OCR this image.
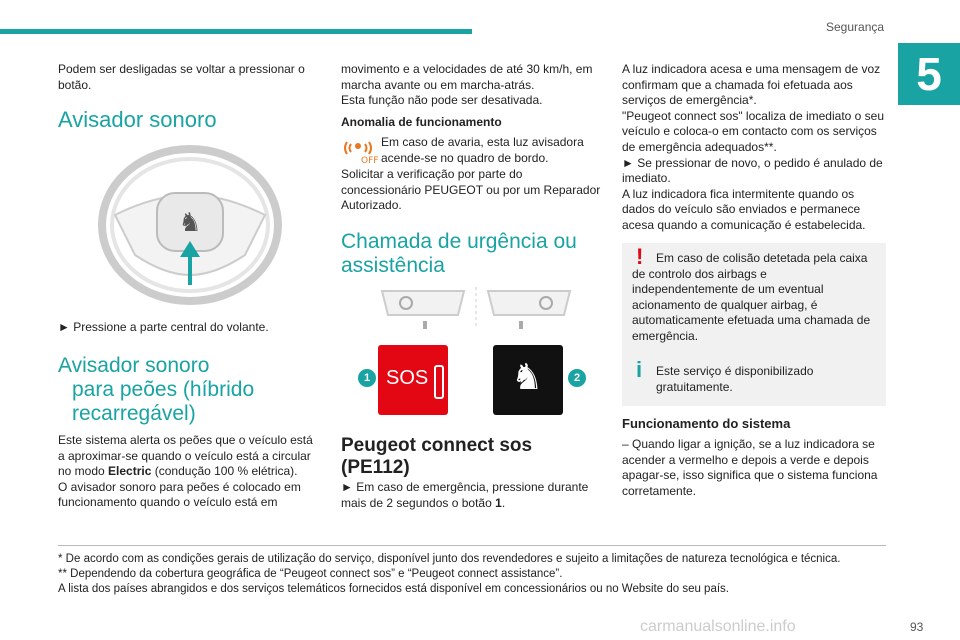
Segurança
5

Podem ser desligadas se voltar a pressionar o botão.

Avisador sonoro
♞
► Pressione a parte central do volante.
Avisador sonoro
para peões (híbrido
recarregável)

Este sistema alerta os peões que o veículo está a aproximar-se quando o veículo está a circular no modo Electric (condução 100 % elétrica).

O avisador sonoro para peões é colocado em funcionamento quando o veículo está em

movimento e a velocidades de até 30 km/h, em marcha avante ou em marcha-atrás.

Esta função não pode ser desativada.

Anomalia de funcionamento

OFF
Em caso de avaria, esta luz avisadora acende-se no quadro de bordo.
Solicitar a verificação por parte do concessionário PEUGEOT ou por um Reparador Autorizado.
Chamada de urgência ou
assistência
SOS
1	♞	2
Peugeot connect sos
(PE112)

► Em caso de emergência, pressione durante mais de 2 segundos o botão 1.

A luz indicadora acesa e uma mensagem de voz confirmam que a chamada foi efetuada aos serviços de emergência*.

"Peugeot connect sos" localiza de imediato o seu veículo e coloca-o em contacto com os serviços de emergência adequados**.

► Se pressionar de novo, o pedido é anulado de imediato.

A luz indicadora fica intermitente quando os dados do veículo são enviados e permanece acesa quando a comunicação é estabelecida.

!	Em caso de colisão detetada pela caixa de controlo dos airbags e independentemente de um eventual acionamento de qualquer airbag, é automaticamente efetuada uma chamada de emergência.
i	Este serviço é disponibilizado gratuitamente.
Funcionamento do sistema
– Quando ligar a ignição, se a luz indicadora se acender a vermelho e depois a verde e depois apagar-se, isso significa que o sistema funciona corretamente.

* De acordo com as condições gerais de utilização do serviço, disponível junto dos revendedores e sujeito a limitações de natureza tecnológica e técnica.

** Dependendo da cobertura geográfica de “Peugeot connect sos” e “Peugeot connect assistance”.

A lista dos países abrangidos e dos serviços telemáticos fornecidos está disponível em concessionários ou no Website do seu país.

carmanualsonline.info	93
